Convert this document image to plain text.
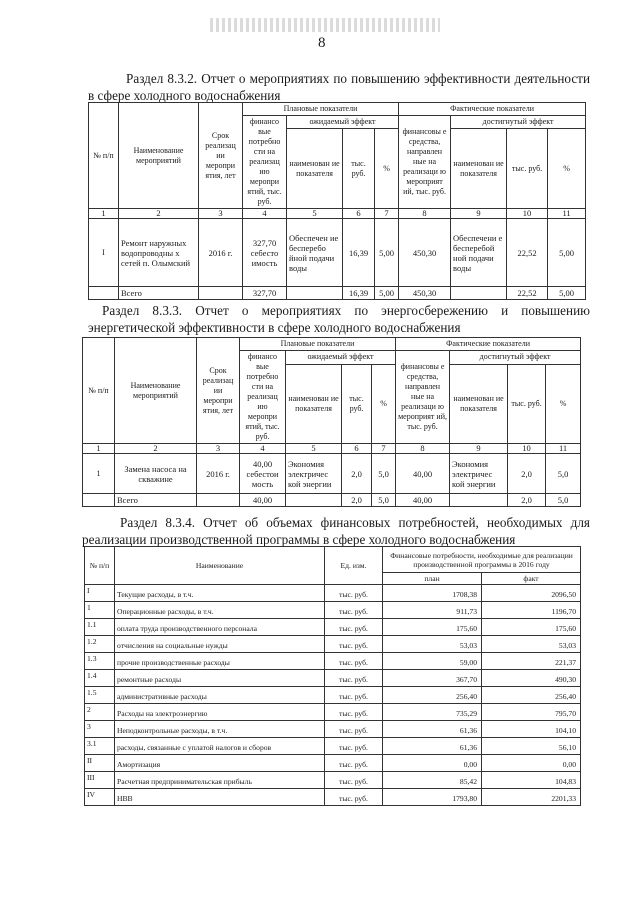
8
Раздел 8.3.2. Отчет о мероприятиях по повышению эффективности деятельности в сфере холодного водоснабжения
№ п/п	Наименование мероприятий	Срок реализац ии меропри ятия, лет	Плановые показатели				Фактические показатели			
			финансо вые потребно сти на реализац ию меропри ятий, тыс. руб.	ожидаемый эффект			финансовы е средства, направлен ные на реализаци ю мероприят ий, тыс. руб.	достигнутый эффект		
				наименован ие показателя	тыс. руб.	%		наименован ие показателя	тыс. руб.	%
1	2	3	4	5	6	7	8	9	10	11
I	Ремонт наружных водопроводны х сетей п. Олымский	2016 г.	327,70 себесто имость	Обеспечен ие бесперебо йной подачи воды	16,39	5,00	450,30	Обеспечени е бесперебой ной подачи воды	22,52	5,00
	Всего		327,70		16,39	5,00	450,30		22,52	5,00
Раздел 8.3.3. Отчет о мероприятиях по энергосбережению и повышению энергетической эффективности в сфере холодного водоснабжения
№ п/п	Наименование мероприятий	Срок реализац ии меропри ятия, лет	Плановые показатели				Фактические показатели			
			финансо вые потребно сти на реализац ию меропри ятий, тыс. руб.	ожидаемый эффект			финансовы е средства, направлен ные на реализаци ю мероприят ий, тыс. руб.	достигнутый эффект		
				наименован ие показателя	тыс. руб.	%		наименован ие показателя	тыс. руб.	%
1	2	3	4	5	6	7	8	9	10	11
1	Замена насоса на скважине	2016 г.	40,00 себестои мость	Экономия электричес кой энергии	2,0	5,0	40,00	Экономия электричес кой энергии	2,0	5,0
	Всего		40,00		2,0	5,0	40,00		2,0	5,0
Раздел 8.3.4. Отчет об объемах финансовых потребностей, необходимых для реализации производственной программы в сфере холодного водоснабжения
№ п/п	Наименование	Ед. изм.	Финансовые потребности, необходимые для реализации производственной программы в 2016 году	
			план	факт
I	Текущие расходы, в т.ч.	тыс. руб.	1708,38	2096,50
1	Операционные расходы, в т.ч.	тыс. руб.	911,73	1196,70
1.1	оплата труда производственного персонала	тыс. руб.	175,60	175,60
1.2	отчисления на социальные нужды	тыс. руб.	53,03	53,03
1.3	прочие производственные расходы	тыс. руб.	59,00	221,37
1.4	ремонтные расходы	тыс. руб.	367,70	490,30
1.5	административные расходы	тыс. руб.	256,40	256,40
2	Расходы на электроэнергию	тыс. руб.	735,29	795,70
3	Неподконтрольные расходы, в т.ч.	тыс. руб.	61,36	104,10
3.1	расходы, связанные с уплатой налогов и сборов	тыс. руб.	61,36	56,10
II	Амортизация	тыс. руб.	0,00	0,00
III	Расчетная предпринимательская прибыль	тыс. руб.	85,42	104,83
IV	НВВ	тыс. руб.	1793,80	2201,33
